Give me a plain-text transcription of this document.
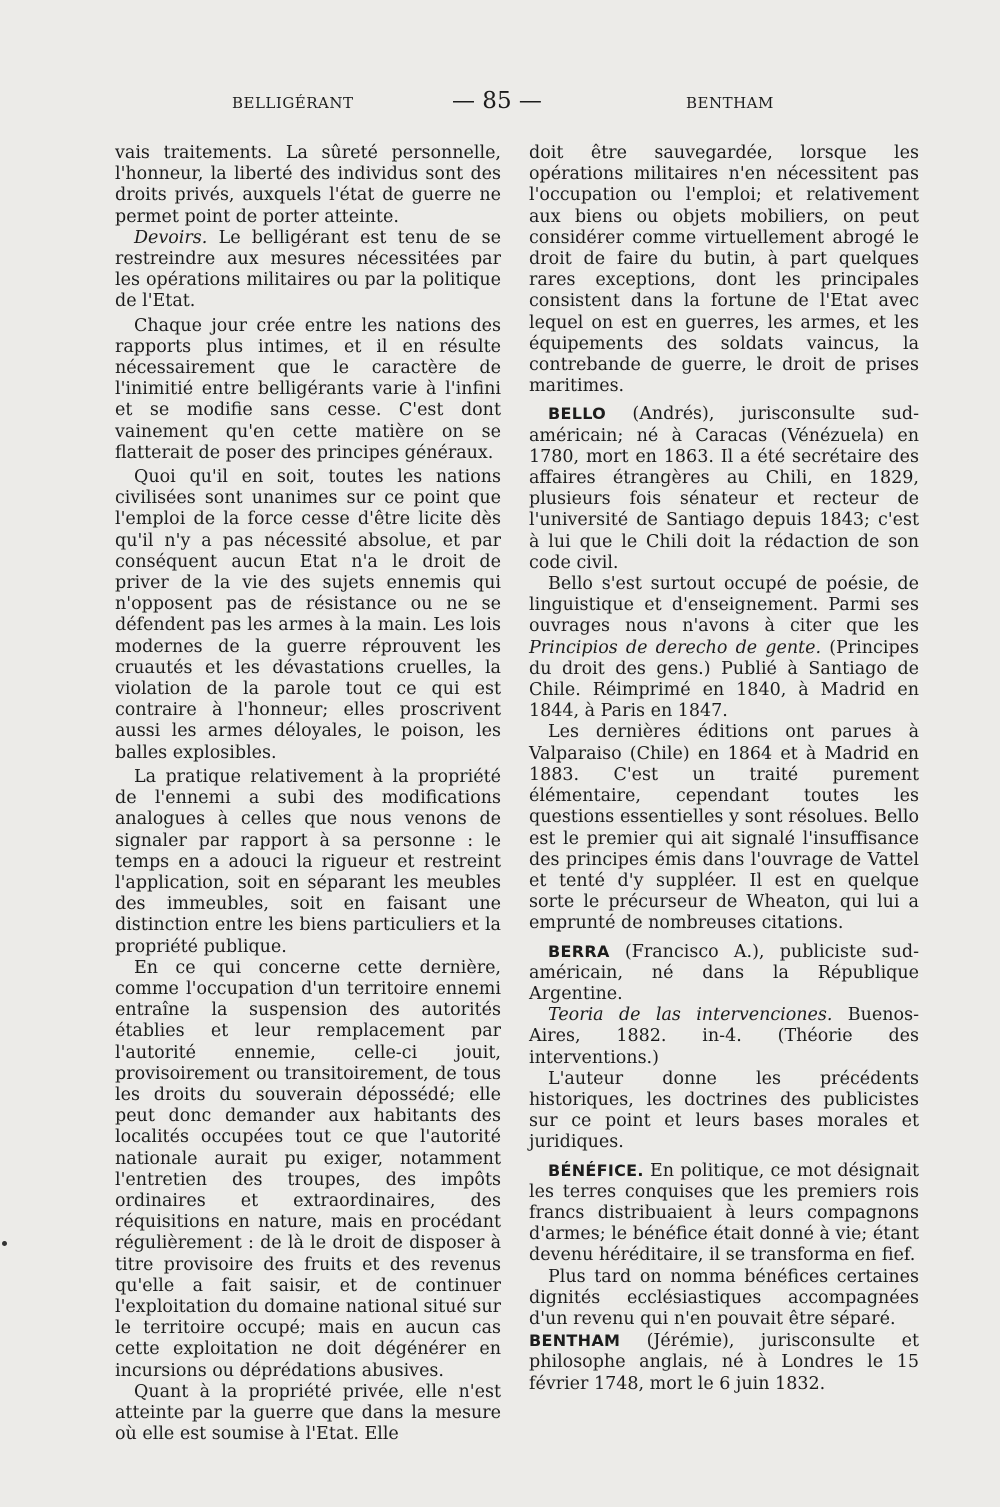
BELLIGÉRANT	— 85 —	BENTHAM

vais traitements. La sûreté personnelle, l'honneur, la liberté des individus sont des droits privés, auxquels l'état de guerre ne permet point de porter atteinte.

Devoirs. Le belligérant est tenu de se restreindre aux mesures nécessitées par les opérations militaires ou par la politique de l'Etat.

Chaque jour crée entre les nations des rapports plus intimes, et il en résulte nécessairement que le caractère de l'inimitié entre belligérants varie à l'infini et se modifie sans cesse. C'est dont vainement qu'en cette matière on se flatterait de poser des principes généraux.

Quoi qu'il en soit, toutes les nations civilisées sont unanimes sur ce point que l'emploi de la force cesse d'être licite dès qu'il n'y a pas nécessité absolue, et par conséquent aucun Etat n'a le droit de priver de la vie des sujets ennemis qui n'opposent pas de résistance ou ne se défendent pas les armes à la main. Les lois modernes de la guerre réprouvent les cruautés et les dévastations cruelles, la violation de la parole tout ce qui est contraire à l'honneur; elles proscrivent aussi les armes déloyales, le poison, les balles explosibles.

La pratique relativement à la propriété de l'ennemi a subi des modifications analogues à celles que nous venons de signaler par rapport à sa personne : le temps en a adouci la rigueur et restreint l'application, soit en séparant les meubles des immeubles, soit en faisant une distinction entre les biens particuliers et la propriété publique.

En ce qui concerne cette dernière, comme l'occupation d'un territoire ennemi entraîne la suspension des autorités établies et leur remplacement par l'autorité ennemie, celle-ci jouit, provisoirement ou transitoirement, de tous les droits du souverain dépossédé; elle peut donc demander aux habitants des localités occupées tout ce que l'autorité nationale aurait pu exiger, notamment l'entretien des troupes, des impôts ordinaires et extraordinaires, des réquisitions en nature, mais en procédant régulièrement : de là le droit de disposer à titre provisoire des fruits et des revenus qu'elle a fait saisir, et de continuer l'exploitation du domaine national situé sur le territoire occupé; mais en aucun cas cette exploitation ne doit dégénérer en incursions ou déprédations abusives.

Quant à la propriété privée, elle n'est atteinte par la guerre que dans la mesure où elle est soumise à l'Etat. Elle

doit être sauvegardée, lorsque les opérations militaires n'en nécessitent pas l'occupation ou l'emploi; et relativement aux biens ou objets mobiliers, on peut considérer comme virtuellement abrogé le droit de faire du butin, à part quelques rares exceptions, dont les principales consistent dans la fortune de l'Etat avec lequel on est en guerres, les armes, et les équipements des soldats vaincus, la contrebande de guerre, le droit de prises maritimes.

BELLO (Andrés), jurisconsulte sud-américain; né à Caracas (Vénézuela) en 1780, mort en 1863. Il a été secrétaire des affaires étrangères au Chili, en 1829, plusieurs fois sénateur et recteur de l'université de Santiago depuis 1843; c'est à lui que le Chili doit la rédaction de son code civil.

Bello s'est surtout occupé de poésie, de linguistique et d'enseignement. Parmi ses ouvrages nous n'avons à citer que les Principios de derecho de gente. (Principes du droit des gens.) Publié à Santiago de Chile. Réimprimé en 1840, à Madrid en 1844, à Paris en 1847.

Les dernières éditions ont parues à Valparaiso (Chile) en 1864 et à Madrid en 1883. C'est un traité purement élémentaire, cependant toutes les questions essentielles y sont résolues. Bello est le premier qui ait signalé l'insuffisance des principes émis dans l'ouvrage de Vattel et tenté d'y suppléer. Il est en quelque sorte le précurseur de Wheaton, qui lui a emprunté de nombreuses citations.

BERRA (Francisco A.), publiciste sud-américain, né dans la République Argentine.

Teoria de las intervenciones. Buenos-Aires, 1882. in-4. (Théorie des interventions.)

L'auteur donne les précédents historiques, les doctrines des publicistes sur ce point et leurs bases morales et juridiques.

BÉNÉFICE. En politique, ce mot désignait les terres conquises que les premiers rois francs distribuaient à leurs compagnons d'armes; le bénéfice était donné à vie; étant devenu héréditaire, il se transforma en fief.

Plus tard on nomma bénéfices certaines dignités ecclésiastiques accompagnées d'un revenu qui n'en pouvait être séparé.

BENTHAM (Jérémie), jurisconsulte et philosophe anglais, né à Londres le 15 février 1748, mort le 6 juin 1832.
